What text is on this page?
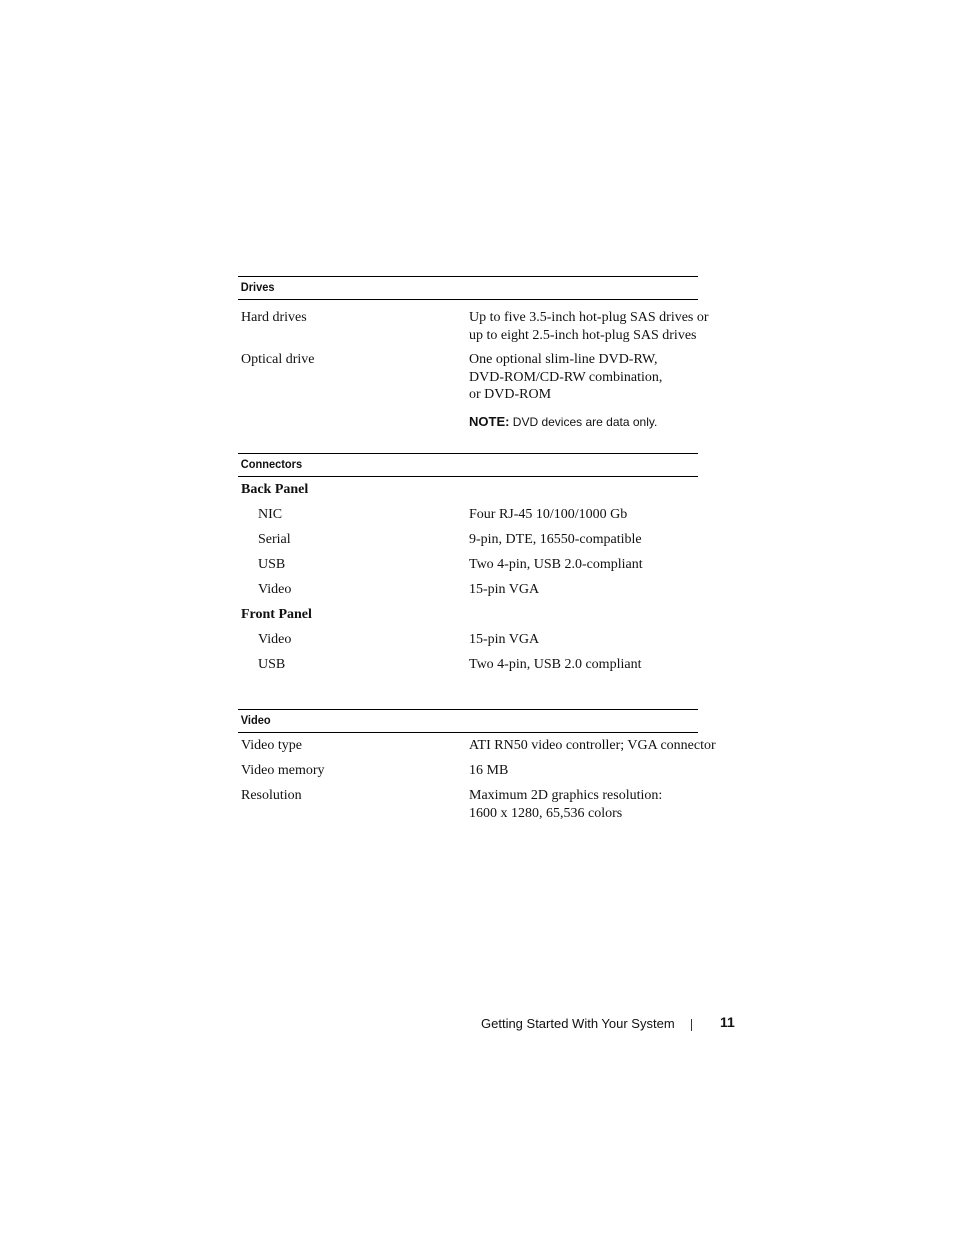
Drives
Hard drives	Up to five 3.5-inch hot-plug SAS drives or
up to eight 2.5-inch hot-plug SAS drives
Optical drive	One optional slim-line DVD-RW,
DVD-ROM/CD-RW combination,
or DVD-ROM
NOTE: DVD devices are data only.
Connectors
Back Panel
NIC	Four RJ-45 10/100/1000 Gb
Serial	9-pin, DTE, 16550-compatible
USB	Two 4-pin, USB 2.0-compliant
Video	15-pin VGA
Front Panel
Video	15-pin VGA
USB	Two 4-pin, USB 2.0 compliant
Video
Video type	ATI RN50 video controller; VGA connector
Video memory	16 MB
Resolution	Maximum 2D graphics resolution:
1600 x 1280, 65,536 colors
Getting Started With Your System	11
